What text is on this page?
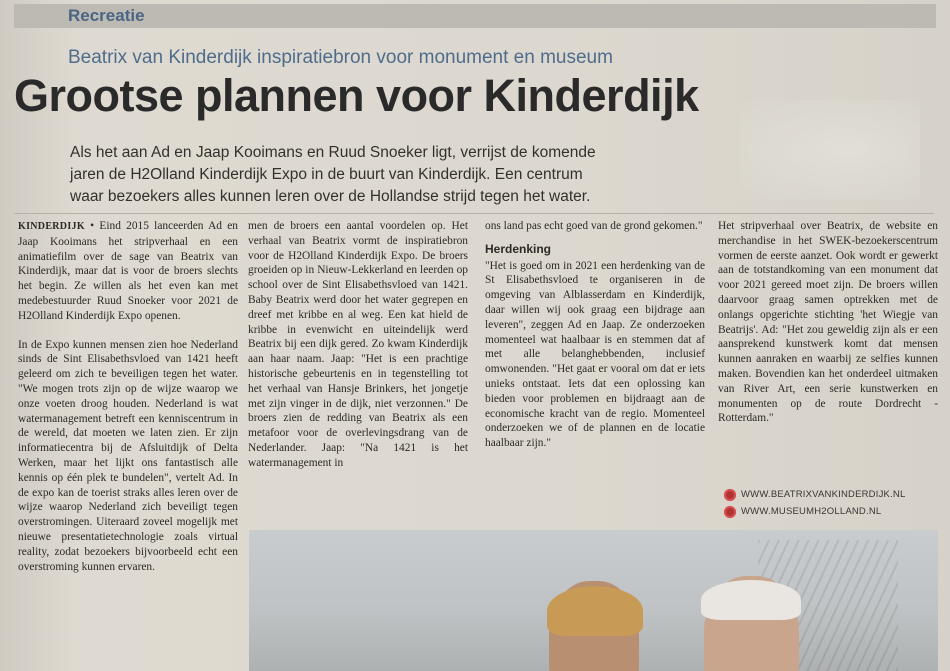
Recreatie
Beatrix van Kinderdijk inspiratiebron voor monument en museum
Grootse plannen voor Kinderdijk
Als het aan Ad en Jaap Kooimans en Ruud Snoeker ligt, verrijst de komende
jaren de H2Olland Kinderdijk Expo in de buurt van Kinderdijk. Een centrum
waar bezoekers alles kunnen leren over de Hollandse strijd tegen het water.

KINDERDIJK • Eind 2015 lanceerden Ad en Jaap Kooimans het stripverhaal en een animatiefilm over de sage van Beatrix van Kinderdijk, maar dat is voor de broers slechts het begin. Ze willen als het even kan met medebestuurder Ruud Snoeker voor 2021 de H2Olland Kinderdijk Expo openen.

In de Expo kunnen mensen zien hoe Nederland sinds de Sint Elisabethsvloed van 1421 heeft geleerd om zich te beveiligen tegen het water. "We mogen trots zijn op de wijze waarop we onze voeten droog houden. Nederland is wat watermanagement betreft een kenniscentrum in de wereld, dat moeten we laten zien. Er zijn informatiecentra bij de Afsluitdijk of Delta Werken, maar het lijkt ons fantastisch alle kennis op één plek te bundelen", vertelt Ad. In de expo kan de toerist straks alles leren over de wijze waarop Nederland zich beveiligt tegen overstromingen. Uiteraard zoveel mogelijk met nieuwe presentatietechnologie zoals virtual reality, zodat bezoekers bijvoorbeeld echt een overstroming kunnen ervaren.

men de broers een aantal voordelen op. Het verhaal van Beatrix vormt de inspiratiebron voor de H2Olland Kinderdijk Expo. De broers groeiden op in Nieuw-Lekkerland en leerden op school over de Sint Elisabethsvloed van 1421. Baby Beatrix werd door het water gegrepen en dreef met kribbe en al weg. Een kat hield de kribbe in evenwicht en uiteindelijk werd Beatrix bij een dijk gered. Zo kwam Kinderdijk aan haar naam. Jaap: "Het is een prachtige historische gebeurtenis en in tegenstelling tot het verhaal van Hansje Brinkers, het jongetje met zijn vinger in de dijk, niet verzonnen." De broers zien de redding van Beatrix als een metafoor voor de overlevingsdrang van de Nederlander. Jaap: "Na 1421 is het watermanagement in

ons land pas echt goed van de grond gekomen."

Herdenking

"Het is goed om in 2021 een herdenking van de St Elisabethsvloed te organiseren in de omgeving van Alblasserdam en Kinderdijk, daar willen wij ook graag een bijdrage aan leveren", zeggen Ad en Jaap. Ze onderzoeken momenteel wat haalbaar is en stemmen dat af met alle belanghebbenden, inclusief omwonenden. "Het gaat er vooral om dat er iets unieks ontstaat. Iets dat een oplossing kan bieden voor problemen en bijdraagt aan de economische kracht van de regio. Momenteel onderzoeken we of de plannen en de locatie haalbaar zijn."

Het stripverhaal over Beatrix, de website en merchandise in het SWEK-bezoekerscentrum vormen de eerste aanzet. Ook wordt er gewerkt aan de totstandkoming van een monument dat voor 2021 gereed moet zijn. De broers willen daarvoor graag samen optrekken met de onlangs opgerichte stichting 'het Wiegje van Beatrijs'. Ad: "Het zou geweldig zijn als er een aansprekend kunstwerk komt dat mensen kunnen aanraken en waarbij ze selfies kunnen maken. Bovendien kan het onderdeel uitmaken van River Art, een serie kunstwerken en monumenten op de route Dordrecht - Rotterdam."

WWW.BEATRIXVANKINDERDIJK.NL
WWW.MUSEUMH2OLLAND.NL
